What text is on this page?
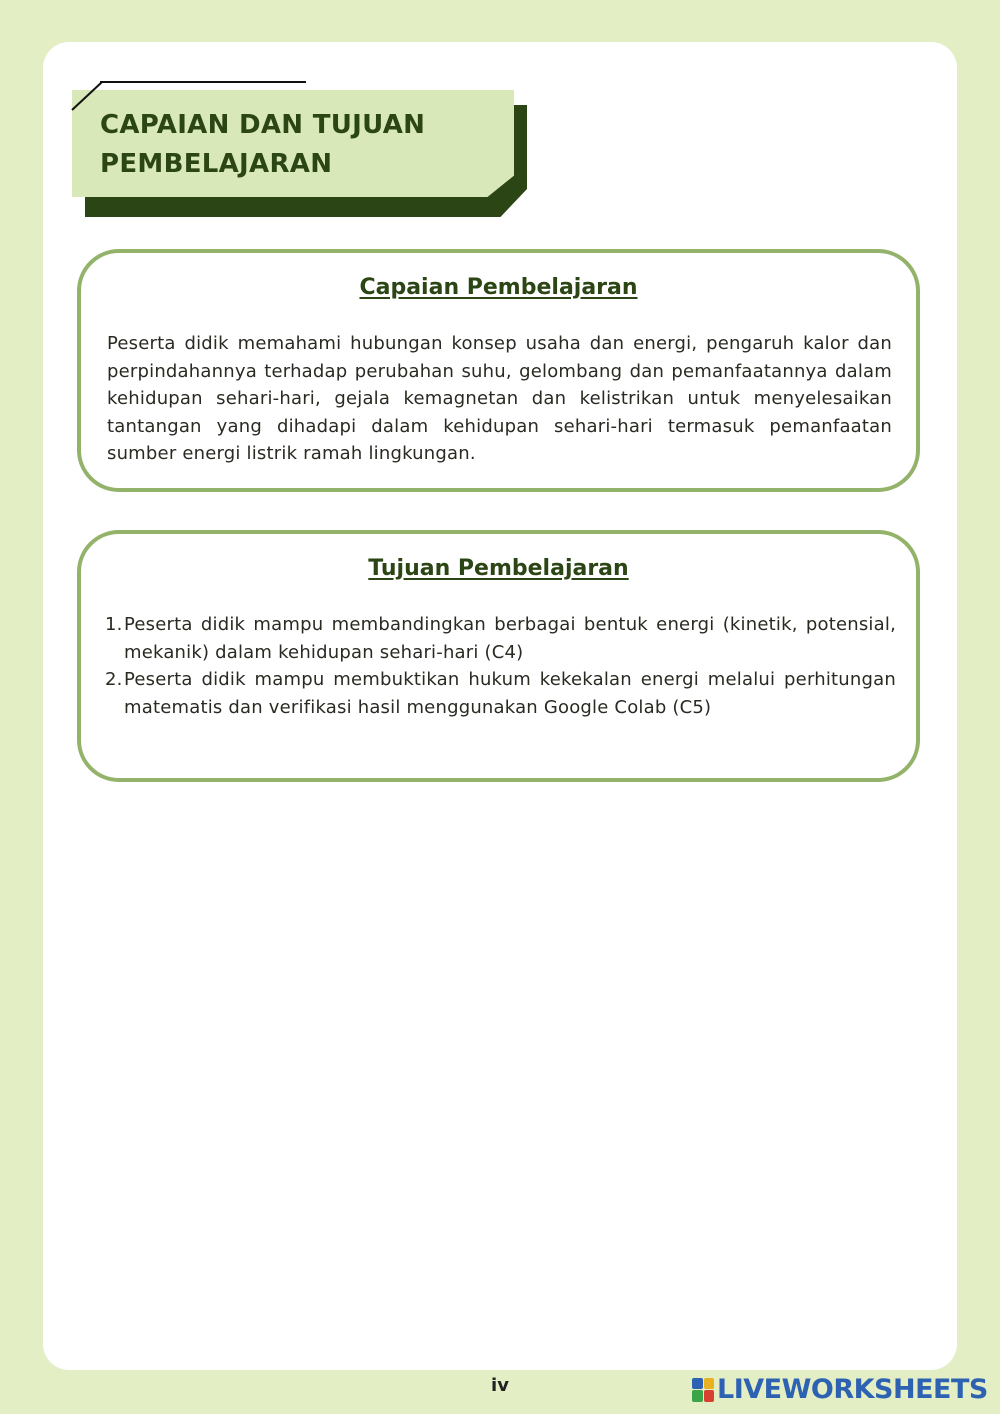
CAPAIAN DAN TUJUAN
PEMBELAJARAN
Capaian Pembelajaran
Peserta didik memahami hubungan konsep usaha dan energi, pengaruh kalor dan perpindahannya terhadap perubahan suhu, gelombang dan pemanfaatannya dalam kehidupan sehari-hari, gejala kemagnetan dan kelistrikan untuk menyelesaikan tantangan yang dihadapi dalam kehidupan sehari-hari termasuk pemanfaatan sumber energi listrik ramah lingkungan.
Tujuan Pembelajaran
1. Peserta didik mampu membandingkan berbagai bentuk energi (kinetik, potensial, mekanik) dalam kehidupan sehari-hari (C4)
2. Peserta didik mampu membuktikan hukum kekekalan energi melalui perhitungan matematis dan verifikasi hasil menggunakan Google Colab (C5)
iv	LIVEWORKSHEETS
